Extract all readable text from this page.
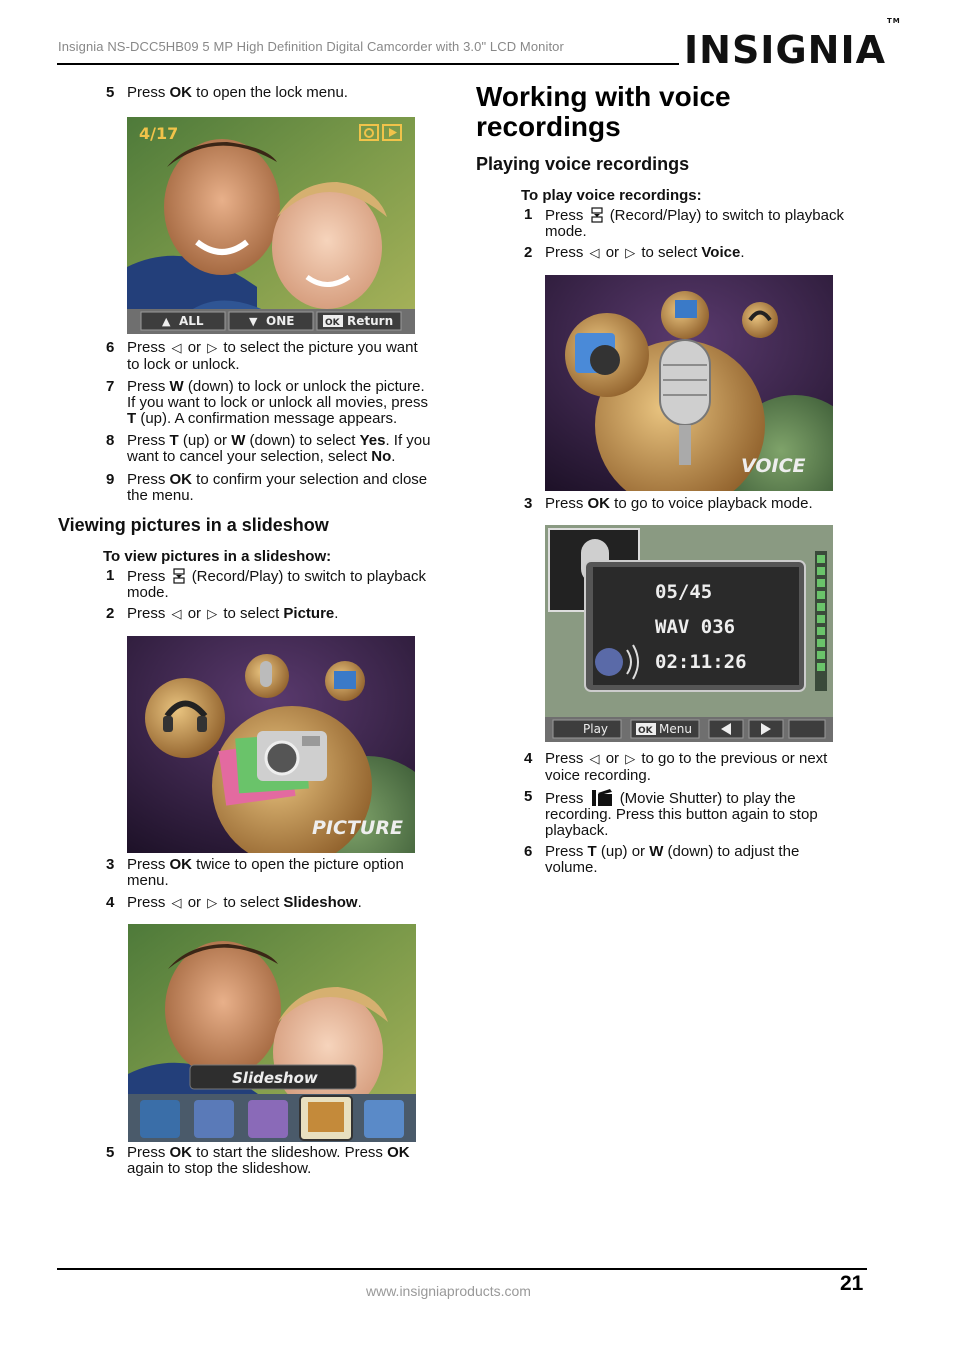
Insignia NS-DCC5HB09 5 MP High Definition Digital Camcorder with 3.0" LCD Monitor	INSIGNIA™
5 Press OK to open the lock menu.
▲ ALL	▼ ONE	OK Return
4/17
6 Press ◁ or ▷ to select the picture you want
to lock or unlock.
7 Press W (down) to lock or unlock the picture.
If you want to lock or unlock all movies, press
T (up). A confirmation message appears.
8 Press T (up) or W (down) to select Yes. If you
want to cancel your selection, select No.
9 Press OK to confirm your selection and close
the menu.
Viewing pictures in a slideshow
To view pictures in a slideshow:
1 Press (Record/Play) to switch to playback
mode.
2 Press ◁ or ▷ to select Picture.
PICTURE
3 Press OK twice to open the picture option
menu.
4 Press ◁ or ▷ to select Slideshow.
Slideshow
5 Press OK to start the slideshow. Press OK
again to stop the slideshow.
Working with voice
recordings
Playing voice recordings
To play voice recordings:
1 Press (Record/Play) to switch to playback
mode.
2 Press ◁ or ▷ to select Voice.
VOICE
3 Press OK to go to voice playback mode.
05/45
WAV 036
02:11:26
Play	OK Menu
4 Press ◁ or ▷ to go to the previous or next
voice recording.
5 Press (Movie Shutter) to play the
recording. Press this button again to stop
playback.
6 Press T (up) or W (down) to adjust the
volume.
www.insigniaproducts.com	21
